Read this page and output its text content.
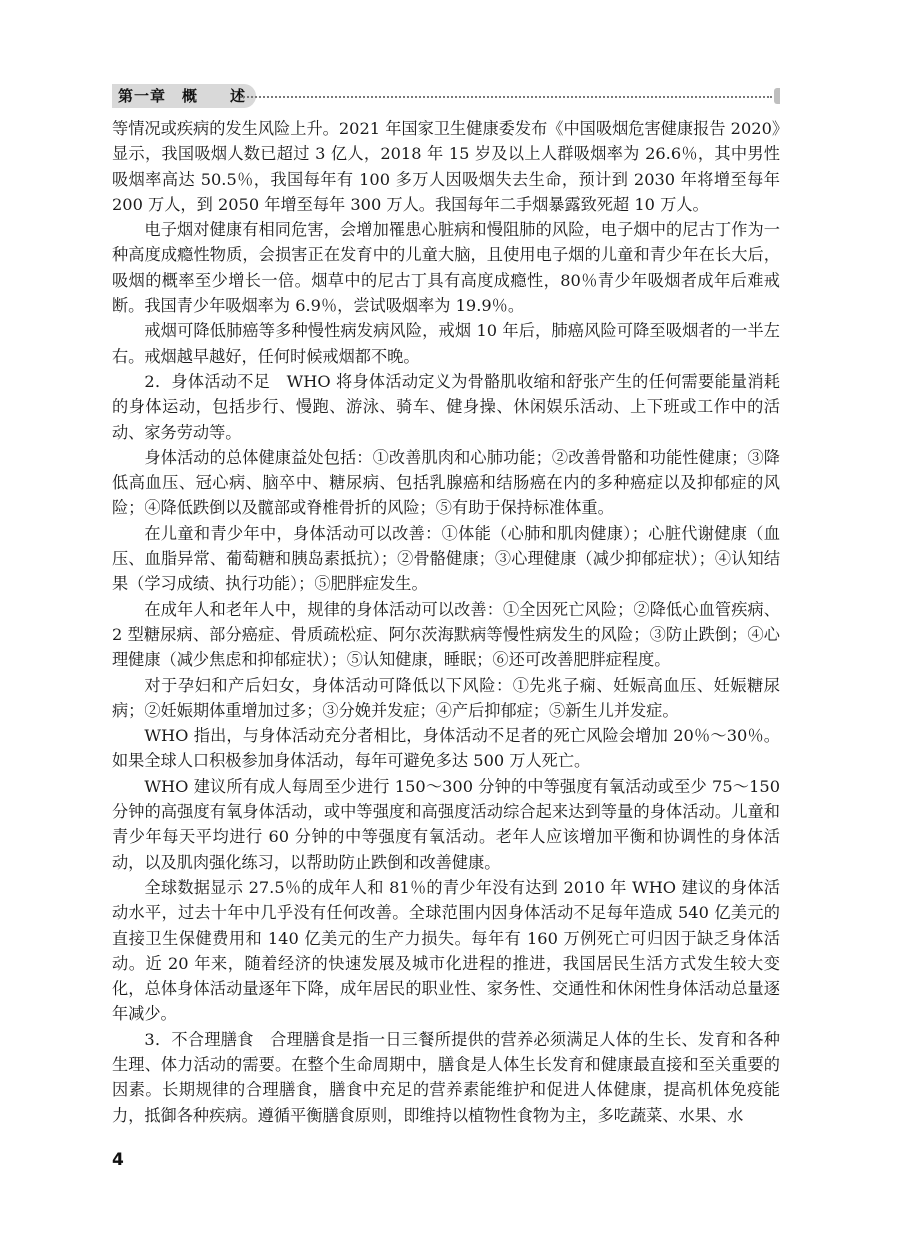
第一章　概　　述

等情况或疾病的发生风险上升。2021 年国家卫生健康委发布《中国吸烟危害健康报告 2020》显示，我国吸烟人数已超过 3 亿人，2018 年 15 岁及以上人群吸烟率为 26.6％，其中男性吸烟率高达 50.5％，我国每年有 100 多万人因吸烟失去生命，预计到 2030 年将增至每年 200 万人，到 2050 年增至每年 300 万人。我国每年二手烟暴露致死超 10 万人。

电子烟对健康有相同危害，会增加罹患心脏病和慢阻肺的风险，电子烟中的尼古丁作为一种高度成瘾性物质，会损害正在发育中的儿童大脑，且使用电子烟的儿童和青少年在长大后，吸烟的概率至少增长一倍。烟草中的尼古丁具有高度成瘾性，80％青少年吸烟者成年后难戒断。我国青少年吸烟率为 6.9％，尝试吸烟率为 19.9％。

戒烟可降低肺癌等多种慢性病发病风险，戒烟 10 年后，肺癌风险可降至吸烟者的一半左右。戒烟越早越好，任何时候戒烟都不晚。

2．身体活动不足　WHO 将身体活动定义为骨骼肌收缩和舒张产生的任何需要能量消耗的身体运动，包括步行、慢跑、游泳、骑车、健身操、休闲娱乐活动、上下班或工作中的活动、家务劳动等。

身体活动的总体健康益处包括：①改善肌肉和心肺功能；②改善骨骼和功能性健康；③降低高血压、冠心病、脑卒中、糖尿病、包括乳腺癌和结肠癌在内的多种癌症以及抑郁症的风险；④降低跌倒以及髋部或脊椎骨折的风险；⑤有助于保持标准体重。

在儿童和青少年中，身体活动可以改善：①体能（心肺和肌肉健康）；心脏代谢健康（血压、血脂异常、葡萄糖和胰岛素抵抗）；②骨骼健康；③心理健康（减少抑郁症状）；④认知结果（学习成绩、执行功能）；⑤肥胖症发生。

在成年人和老年人中，规律的身体活动可以改善：①全因死亡风险；②降低心血管疾病、2 型糖尿病、部分癌症、骨质疏松症、阿尔茨海默病等慢性病发生的风险；③防止跌倒；④心理健康（减少焦虑和抑郁症状）；⑤认知健康，睡眠；⑥还可改善肥胖症程度。

对于孕妇和产后妇女，身体活动可降低以下风险：①先兆子痫、妊娠高血压、妊娠糖尿病；②妊娠期体重增加过多；③分娩并发症；④产后抑郁症；⑤新生儿并发症。

WHO 指出，与身体活动充分者相比，身体活动不足者的死亡风险会增加 20％～30％。如果全球人口积极参加身体活动，每年可避免多达 500 万人死亡。

WHO 建议所有成人每周至少进行 150～300 分钟的中等强度有氧活动或至少 75～150 分钟的高强度有氧身体活动，或中等强度和高强度活动综合起来达到等量的身体活动。儿童和青少年每天平均进行 60 分钟的中等强度有氧活动。老年人应该增加平衡和协调性的身体活动，以及肌肉强化练习，以帮助防止跌倒和改善健康。

全球数据显示 27.5％的成年人和 81％的青少年没有达到 2010 年 WHO 建议的身体活动水平，过去十年中几乎没有任何改善。全球范围内因身体活动不足每年造成 540 亿美元的直接卫生保健费用和 140 亿美元的生产力损失。每年有 160 万例死亡可归因于缺乏身体活动。近 20 年来，随着经济的快速发展及城市化进程的推进，我国居民生活方式发生较大变化，总体身体活动量逐年下降，成年居民的职业性、家务性、交通性和休闲性身体活动总量逐年减少。

3．不合理膳食　合理膳食是指一日三餐所提供的营养必须满足人体的生长、发育和各种生理、体力活动的需要。在整个生命周期中，膳食是人体生长发育和健康最直接和至关重要的因素。长期规律的合理膳食，膳食中充足的营养素能维护和促进人体健康，提高机体免疫能力，抵御各种疾病。遵循平衡膳食原则，即维持以植物性食物为主，多吃蔬菜、水果、水

4
